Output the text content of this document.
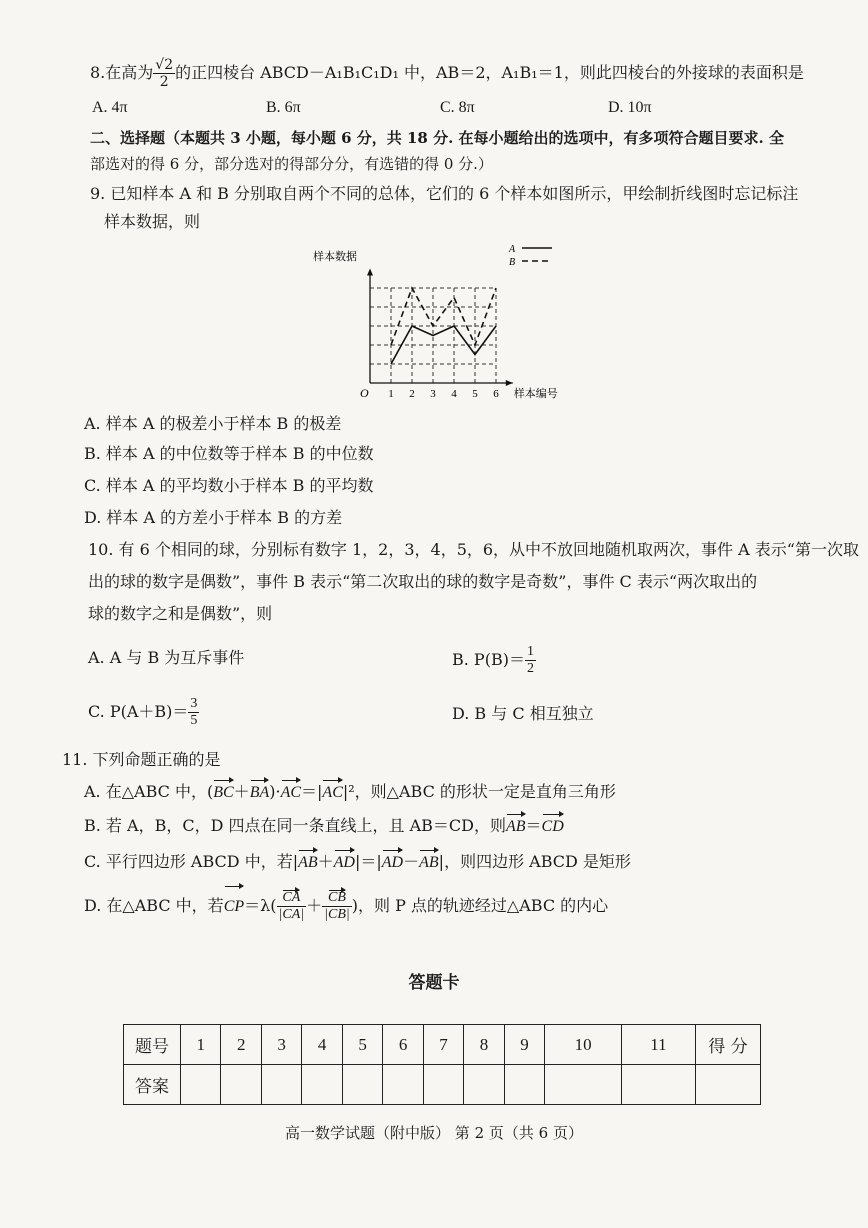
8.在高为 $\frac{√2}{2}$ 的正四棱台 ABCD－A₁B₁C₁D₁ 中，AB＝2，A₁B₁＝1，则此四棱台的外接球的表面积是
A. 4π	B. 6π	C. 8π	D. 10π
二、选择题（本题共 3 小题，每小题 6 分，共 18 分. 在每小题给出的选项中，有多项符合题目要求. 全
部选对的得 6 分，部分选对的得部分分，有选错的得 0 分.）
9. 已知样本 A 和 B 分别取自两个不同的总体，它们的 6 个样本如图所示，甲绘制折线图时忘记标注
样本数据，则
1 2 3 4 5 6
O
样本数据
样本编号
A
B
A. 样本 A 的极差小于样本 B 的极差
B. 样本 A 的中位数等于样本 B 的中位数
C. 样本 A 的平均数小于样本 B 的平均数
D. 样本 A 的方差小于样本 B 的方差
10. 有 6 个相同的球，分别标有数字 1，2，3，4，5，6，从中不放回地随机取两次，事件 A 表示“第一次取
出的球的数字是偶数”，事件 B 表示“第二次取出的球的数字是奇数”，事件 C 表示“两次取出的
球的数字之和是偶数”，则
A. A 与 B 为互斥事件	B. $P(B)= \frac{1}{2}$
C. $P(A+B)= \frac{3}{5}$	D. B 与 C 相互独立
11. 下列命题正确的是
A. 在△ABC 中，(BC＋BA)·AC＝|AC|²，则△ABC 的形状一定是直角三角形
B. 若 A，B，C，D 四点在同一条直线上，且 AB＝CD，则AB＝CD
C. 平行四边形 ABCD 中，若|AB＋AD|＝|AD－AB|，则四边形 ABCD 是矩形
D. 在△ABC 中，若$CP=\lambda( \frac{CA}{|CA|} + \frac{CB}{|CB|}$ )，则 P 点的轨迹经过△ABC 的内心
答题卡
题号	1	2	3	4	5	6	7	8	9	10	11	得 分
答案												
高一数学试题（附中版） 第 2 页（共 6 页）
